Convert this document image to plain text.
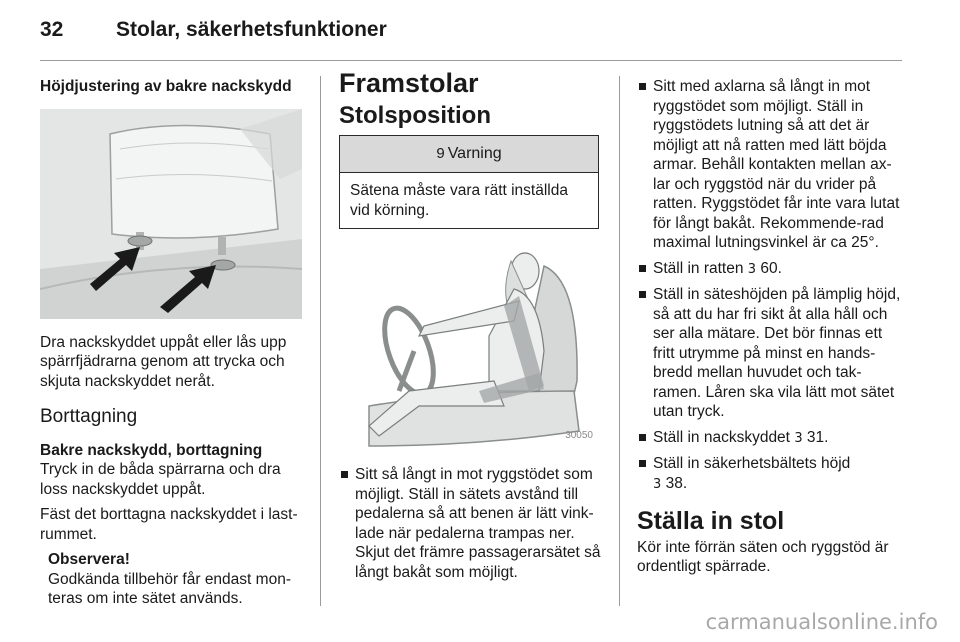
32	Stolar, säkerhetsfunktioner

Höjdjustering av bakre nackskydd

Dra nackskyddet uppåt eller lås upp spärrfjädrarna genom att trycka och skjuta nackskyddet neråt.

Borttagning

Bakre nackskydd, borttagning

Tryck in de båda spärrarna och dra loss nackskyddet uppåt.

Fäst det borttagna nackskyddet i last-rummet.

Observera!

Godkända tillbehör får endast mon-teras om inte sätet används.

Framstolar

Stolsposition

9 Varning
Sätena måste vara rätt inställda vid körning.
30050
Sitt så långt in mot ryggstödet som möjligt. Ställ in sätets avstånd till pedalerna så att benen är lätt vink-lade när pedalerna trampas ner. Skjut det främre passagerarsätet så långt bakåt som möjligt.
Sitt med axlarna så långt in mot ryggstödet som möjligt. Ställ in ryggstödets lutning så att det är möjligt att nå ratten med lätt böjda armar. Behåll kontakten mellan ax-lar och ryggstöd när du vrider på ratten. Ryggstödet får inte vara lutat för långt bakåt. Rekommende-rad maximal lutningsvinkel är ca 25°.
Ställ in ratten 3 60.
Ställ in säteshöjden på lämplig höjd, så att du har fri sikt åt alla håll och ser alla mätare. Det bör finnas ett fritt utrymme på minst en hands-bredd mellan huvudet och tak-ramen. Låren ska vila lätt mot sätet utan tryck.
Ställ in nackskyddet 3 31.
Ställ in säkerhetsbältets höjd
3 38.

Ställa in stol

Kör inte förrän säten och ryggstöd är ordentligt spärrade.

carmanualsonline.info
